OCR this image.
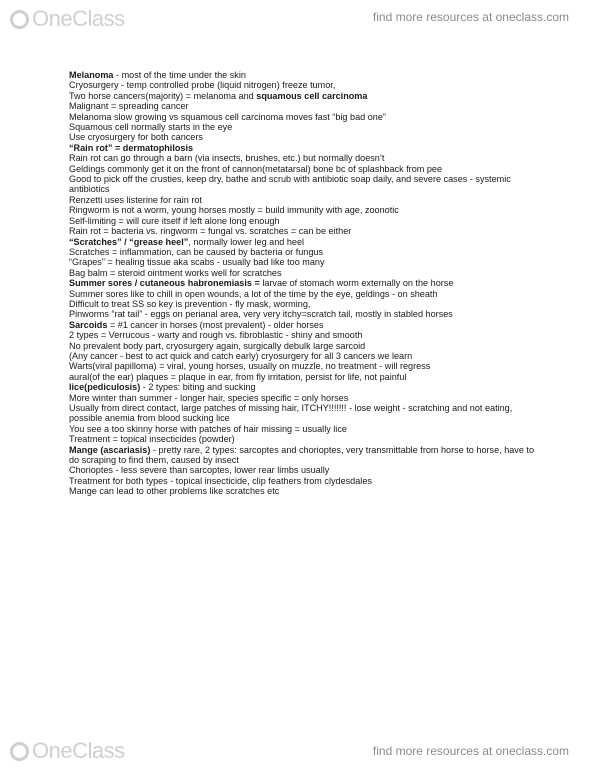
OneClass	find more resources at oneclass.com
Melanoma - most of the time under the skin
Cryosurgery - temp controlled probe (liquid nitrogen) freeze tumor,
Two horse cancers(majority) = melanoma and squamous cell carcinoma
Malignant = spreading cancer
Melanoma slow growing vs squamous cell carcinoma moves fast “big bad one”
Squamous cell normally starts in the eye
Use cryosurgery for both cancers
“Rain rot” = dermatophilosis
Rain rot can go through a barn (via insects, brushes, etc.) but normally doesn’t
Geldings commonly get it on the front of cannon(metatarsal) bone bc of splashback from pee
Good to pick off the crusties, keep dry, bathe and scrub with antibiotic soap daily, and severe cases - systemic antibiotics
Renzetti uses listerine for rain rot
Ringworm is not a worm, young horses mostly = build immunity with age, zoonotic
Self-limiting = will cure itself if left alone long enough
Rain rot = bacteria vs. ringworm = fungal vs. scratches = can be either
“Scratches” / “grease heel”, normally lower leg and heel
Scratches = inflammation, can be caused by bacteria or fungus
“Grapes” = healing tissue aka scabs - usually bad like too many
Bag balm = steroid ointment works well for scratches
Summer sores / cutaneous habronemiasis = larvae of stomach worm externally on the horse
Summer sores like to chill in open wounds, a lot of the time by the eye, geldings - on sheath
Difficult to treat SS so key is prevention - fly mask, worming,
Pinworms “rat tail” - eggs on perianal area, very very itchy=scratch tail, mostly in stabled horses
Sarcoids = #1 cancer in horses (most prevalent) - older horses
2 types = Verrucous - warty and rough vs. fibroblastic - shiny and smooth
No prevalent body part, cryosurgery again, surgically debulk large sarcoid
(Any cancer - best to act quick and catch early) cryosurgery for all 3 cancers we learn
Warts(viral papilloma) = viral, young horses, usually on muzzle, no treatment - will regress
aural(of the ear) plaques = plaque in ear, from fly irritation, persist for life, not painful
lice(pediculosis) - 2 types: biting and sucking
More winter than summer - longer hair, species specific = only horses
Usually from direct contact, large patches of missing hair, ITCHY!!!!!!! - lose weight - scratching and not eating, possible anemia from blood sucking lice
You see a too skinny horse with patches of hair missing = usually lice
Treatment = topical insecticides (powder)
Mange (ascariasis) - pretty rare, 2 types: sarcoptes and chorioptes, very transmittable from horse to horse, have to do scraping to find them, caused by insect
Chorioptes - less severe than sarcoptes, lower rear limbs usually
Treatment for both types - topical insecticide, clip feathers from clydesdales
Mange can lead to other problems like scratches etc
OneClass	find more resources at oneclass.com
